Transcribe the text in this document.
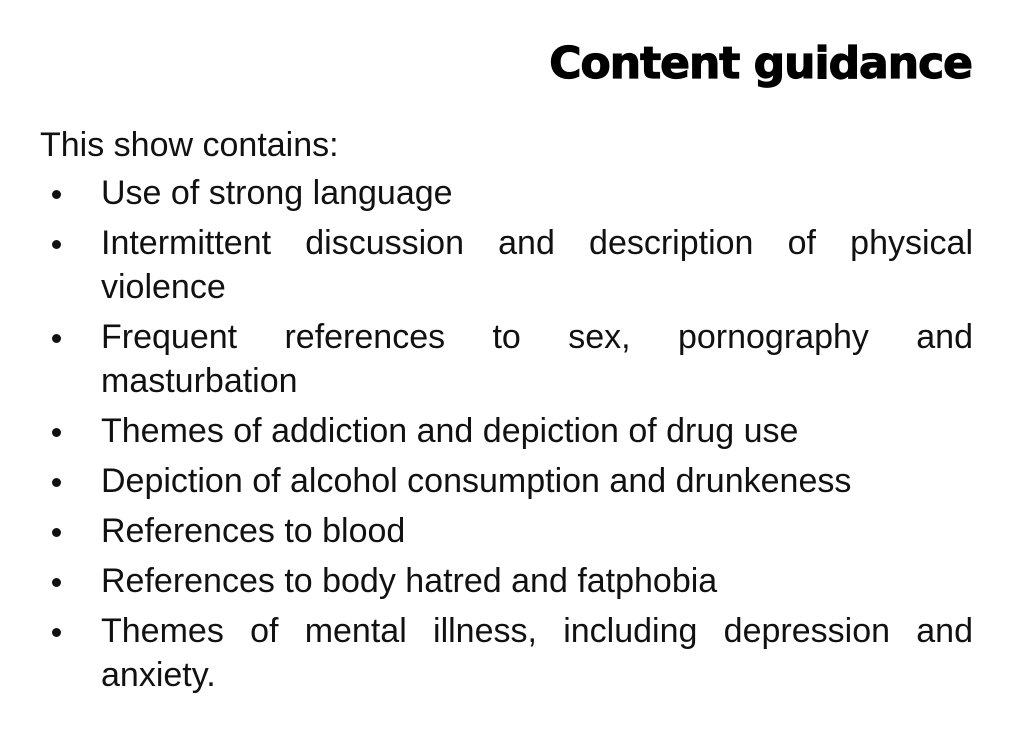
Content guidance

This show contains:

Use of strong language
Intermittent discussion and description of physical violence
Frequent references to sex, pornography and masturbation
Themes of addiction and depiction of drug use
Depiction of alcohol consumption and drunkeness
References to blood
References to body hatred and fatphobia
Themes of mental illness, including depression and anxiety.
